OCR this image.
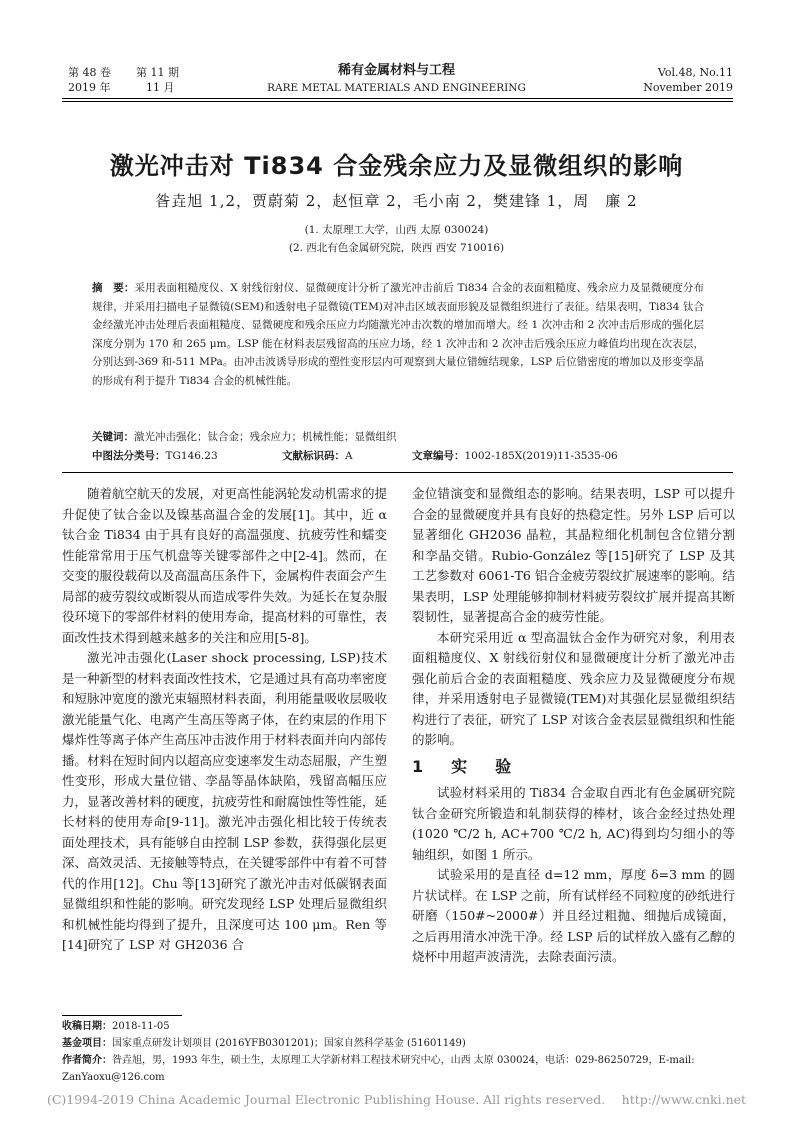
第 48 卷 第 11 期
2019 年	11 月
稀有金属材料与工程
RARE METAL MATERIALS AND ENGINEERING
Vol.48, No.11
November 2019
激光冲击对 Ti834 合金残余应力及显微组织的影响
昝垚旭 1,2，贾蔚菊 2，赵恒章 2，毛小南 2，樊建锋 1，周　廉 2
(1. 太原理工大学，山西 太原 030024)
(2. 西北有色金属研究院，陕西 西安 710016)
摘　要：采用表面粗糙度仪、X 射线衍射仪、显微硬度计分析了激光冲击前后 Ti834 合金的表面粗糙度、残余应力及显微硬度分布规律，并采用扫描电子显微镜(SEM)和透射电子显微镜(TEM)对冲击区域表面形貌及显微组织进行了表征。结果表明，Ti834 钛合金经激光冲击处理后表面粗糙度、显微硬度和残余压应力均随激光冲击次数的增加而增大。经 1 次冲击和 2 次冲击后形成的强化层深度分别为 170 和 265 μm。LSP 能在材料表层残留高的压应力场，经 1 次冲击和 2 次冲击后残余压应力峰值均出现在次表层，分别达到-369 和-511 MPa。由冲击波诱导形成的塑性变形层内可观察到大量位错缠结现象，LSP 后位错密度的增加以及形变孪晶的形成有利于提升 Ti834 合金的机械性能。
关键词：激光冲击强化；钛合金；残余应力；机械性能；显微组织
中图法分类号：TG146.23	文献标识码：A	文章编号：1002-185X(2019)11-3535-06

随着航空航天的发展，对更高性能涡轮发动机需求的提升促使了钛合金以及镍基高温合金的发展[1]。其中，近 α 钛合金 Ti834 由于具有良好的高温强度、抗疲劳性和蠕变性能常常用于压气机盘等关键零部件之中[2-4]。然而，在交变的服役载荷以及高温高压条件下，金属构件表面会产生局部的疲劳裂纹或断裂从而造成零件失效。为延长在复杂服役环境下的零部件材料的使用寿命，提高材料的可靠性，表面改性技术得到越来越多的关注和应用[5-8]。

激光冲击强化(Laser shock processing, LSP)技术是一种新型的材料表面改性技术，它是通过具有高功率密度和短脉冲宽度的激光束辐照材料表面，利用能量吸收层吸收激光能量气化、电离产生高压等离子体，在约束层的作用下爆炸性等离子体产生高压冲击波作用于材料表面并向内部传播。材料在短时间内以超高应变速率发生动态屈服，产生塑性变形，形成大量位错、孪晶等晶体缺陷，残留高幅压应力，显著改善材料的硬度，抗疲劳性和耐腐蚀性等性能，延长材料的使用寿命[9-11]。激光冲击强化相比较于传统表面处理技术，具有能够自由控制 LSP 参数，获得强化层更深、高效灵活、无接触等特点，在关键零部件中有着不可替代的作用[12]。Chu 等[13]研究了激光冲击对低碳钢表面显微组织和性能的影响。研究发现经 LSP 处理后显微组织和机械性能均得到了提升，且深度可达 100 μm。Ren 等[14]研究了 LSP 对 GH2036 合

金位错演变和显微组态的影响。结果表明，LSP 可以提升合金的显微硬度并具有良好的热稳定性。另外 LSP 后可以显著细化 GH2036 晶粒，其晶粒细化机制包含位错分割和孪晶交错。Rubio-González 等[15]研究了 LSP 及其工艺参数对 6061-T6 铝合金疲劳裂纹扩展速率的影响。结果表明，LSP 处理能够抑制材料疲劳裂纹扩展并提高其断裂韧性，显著提高合金的疲劳性能。

本研究采用近 α 型高温钛合金作为研究对象，利用表面粗糙度仪、X 射线衍射仪和显微硬度计分析了激光冲击强化前后合金的表面粗糙度、残余应力及显微硬度分布规律，并采用透射电子显微镜(TEM)对其强化层显微组织结构进行了表征，研究了 LSP 对该合金表层显微组织和性能的影响。

1　实　验

试验材料采用的 Ti834 合金取自西北有色金属研究院钛合金研究所锻造和轧制获得的棒材，该合金经过热处理(1020 ℃/2 h, AC+700 ℃/2 h, AC)得到均匀细小的等轴组织，如图 1 所示。

试验采用的是直径 d=12 mm，厚度 δ=3 mm 的圆片状试样。在 LSP 之前，所有试样经不同粒度的砂纸进行研磨（150#~2000#）并且经过粗抛、细抛后成镜面，之后再用清水冲洗干净。经 LSP 后的试样放入盛有乙醇的烧杯中用超声波清洗，去除表面污渍。

收稿日期：2018-11-05
基金项目：国家重点研发计划项目 (2016YFB0301201)；国家自然科学基金 (51601149)
作者简介：昝垚旭，男，1993 年生，硕士生，太原理工大学新材料工程技术研究中心，山西 太原 030024，电话：029-86250729，E-mail: ZanYaoxu@126.com
(C)1994-2019 China Academic Journal Electronic Publishing House. All rights reserved.　 http://www.cnki.net
